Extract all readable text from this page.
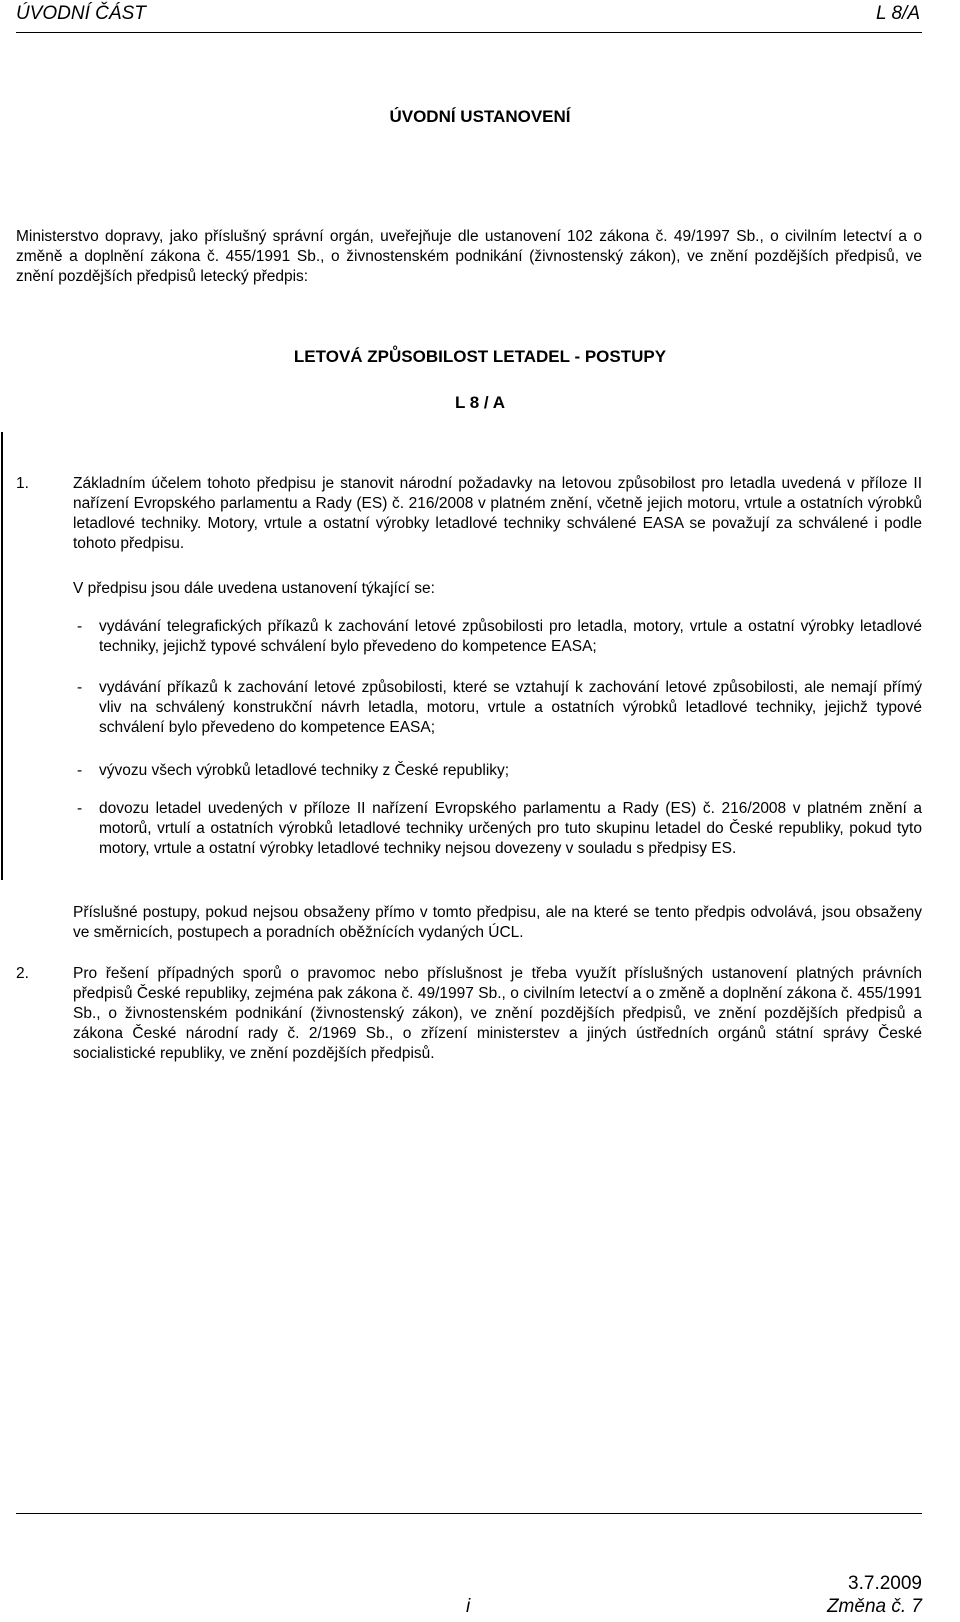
ÚVODNÍ ČÁST	L 8/A
ÚVODNÍ USTANOVENÍ
Ministerstvo dopravy, jako příslušný správní orgán, uveřejňuje dle ustanovení 102 zákona č. 49/1997 Sb., o civilním letectví a o změně a doplnění zákona č. 455/1991 Sb., o živnostenském podnikání (živnostenský zákon), ve znění pozdějších předpisů, ve znění pozdějších předpisů letecký předpis:
LETOVÁ ZPŮSOBILOST LETADEL - POSTUPY
L 8 / A
1.	Základním účelem tohoto předpisu je stanovit národní požadavky na letovou způsobilost pro letadla uvedená v příloze II nařízení Evropského parlamentu a Rady (ES) č. 216/2008 v platném znění, včetně jejich motoru, vrtule a ostatních výrobků letadlové techniky. Motory, vrtule a ostatní výrobky letadlové techniky schválené EASA se považují za schválené i podle tohoto předpisu.
V předpisu jsou dále uvedena ustanovení týkající se:
- vydávání telegrafických příkazů k zachování letové způsobilosti pro letadla, motory, vrtule a ostatní výrobky letadlové techniky, jejichž typové schválení bylo převedeno do kompetence EASA;
- vydávání příkazů k zachování letové způsobilosti, které se vztahují k zachování letové způsobilosti, ale nemají přímý vliv na schválený konstrukční návrh letadla, motoru, vrtule a ostatních výrobků letadlové techniky, jejichž typové schválení bylo převedeno do kompetence EASA;
- vývozu všech výrobků letadlové techniky z České republiky;
- dovozu letadel uvedených v příloze II nařízení Evropského parlamentu a Rady (ES) č. 216/2008 v platném znění a motorů, vrtulí a ostatních výrobků letadlové techniky určených pro tuto skupinu letadel do České republiky, pokud tyto motory, vrtule a ostatní výrobky letadlové techniky nejsou dovezeny v souladu s předpisy ES.
Příslušné postupy, pokud nejsou obsaženy přímo v tomto předpisu, ale na které se tento předpis odvolává, jsou obsaženy ve směrnicích, postupech a poradních oběžnících vydaných ÚCL.
2.	Pro řešení případných sporů o pravomoc nebo příslušnost je třeba využít příslušných ustanovení platných právních předpisů České republiky, zejména pak zákona č. 49/1997 Sb., o civilním letectví a o změně a doplnění zákona č. 455/1991 Sb., o živnostenském podnikání (živnostenský zákon), ve znění pozdějších předpisů, ve znění pozdějších předpisů a zákona České národní rady č. 2/1969 Sb., o zřízení ministerstev a jiných ústředních orgánů státní správy České socialistické republiky, ve znění pozdějších předpisů.
3.7.2009
i	Změna č. 7
